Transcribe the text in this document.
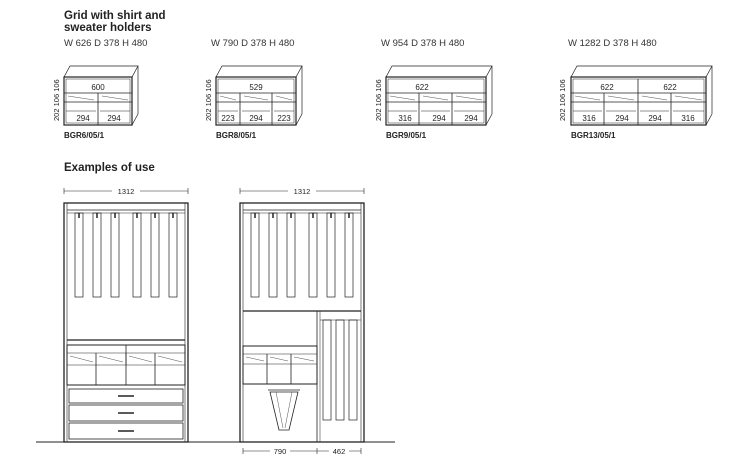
Grid with shirt and sweater holders
Examples of use
W 626 D 378 H 480	W 790 D 378 H 480	W 954 D 378 H 480	W 1282 D 378 H 480
BGR6/05/1	BGR8/05/1	BGR9/05/1	BGR13/05/1
600
294 294
202 106 106	529
223 294 223
202 106 106	622
316	294 294
202 106 106	622	622
316 294 294 316
202 106 106
1312	1312
790	462
